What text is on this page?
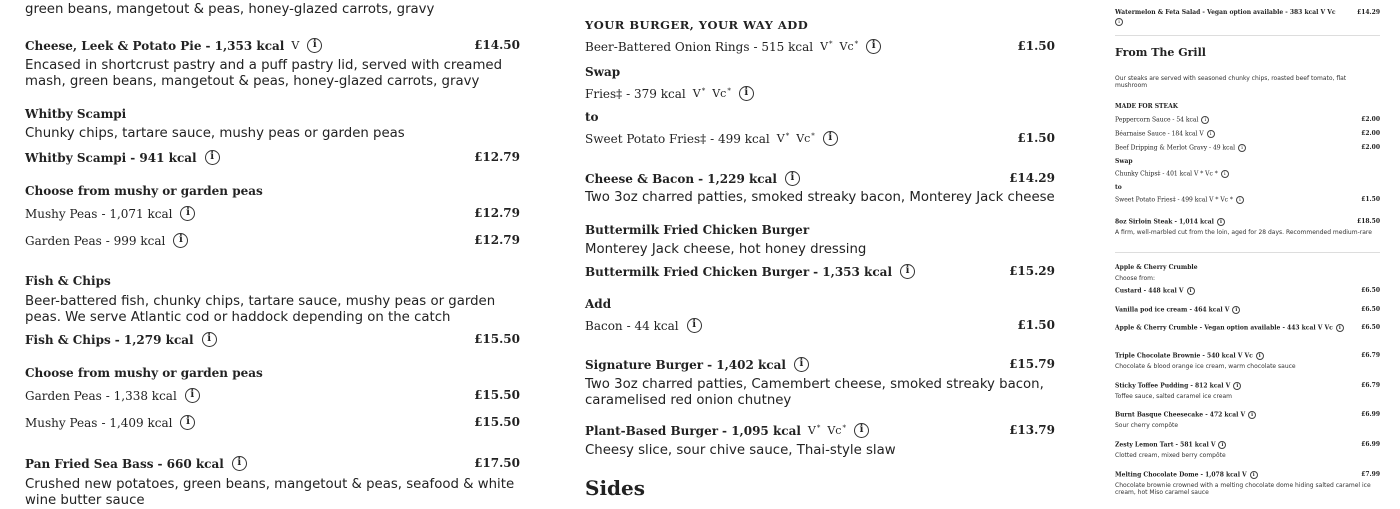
green beans, mangetout & peas, honey-glazed carrots, gravy
Cheese, Leek & Potato Pie - 1,353 kcal V	i	£14.50
Encased in shortcrust pastry and a puff pastry lid, served with creamed mash, green beans, mangetout & peas, honey-glazed carrots, gravy
Whitby Scampi
Chunky chips, tartare sauce, mushy peas or garden peas
Whitby Scampi - 941 kcal	i	£12.79
Choose from mushy or garden peas
Mushy Peas - 1,071 kcal	i	£12.79
Garden Peas - 999 kcal	i	£12.79
Fish & Chips
Beer-battered fish, chunky chips, tartare sauce, mushy peas or garden peas. We serve Atlantic cod or haddock depending on the catch
Fish & Chips - 1,279 kcal	i	£15.50
Choose from mushy or garden peas
Garden Peas - 1,338 kcal	i	£15.50
Mushy Peas - 1,409 kcal	i	£15.50
Pan Fried Sea Bass - 660 kcal	i	£17.50
Crushed new potatoes, green beans, mangetout & peas, seafood & white wine butter sauce
YOUR BURGER, YOUR WAY ADD
Beer-Battered Onion Rings - 515 kcal V* Vc*	i	£1.50
Swap
Fries‡ - 379 kcal V* Vc*	i
to
Sweet Potato Fries‡ - 499 kcal V* Vc*	i	£1.50
Cheese & Bacon - 1,229 kcal	i	£14.29
Two 3oz charred patties, smoked streaky bacon, Monterey Jack cheese
Buttermilk Fried Chicken Burger
Monterey Jack cheese, hot honey dressing
Buttermilk Fried Chicken Burger - 1,353 kcal	i	£15.29
Add
Bacon - 44 kcal	i	£1.50
Signature Burger - 1,402 kcal	i	£15.79
Two 3oz charred patties, Camembert cheese, smoked streaky bacon, caramelised red onion chutney
Plant-Based Burger - 1,095 kcal V* Vc*	i	£13.79
Cheesy slice, sour chive sauce, Thai-style slaw
Sides
Watermelon & Feta Salad - Vegan option available - 383 kcal V Vc	£14.29
i
From The Grill
Our steaks are served with seasoned chunky chips, roasted beef tomato, flat mushroom
MADE FOR STEAK
Peppercorn Sauce - 54 kcal i	£2.00
Béarnaise Sauce - 184 kcal V i	£2.00
Beef Dripping & Merlot Gravy - 49 kcal i	£2.00
Swap
Chunky Chips‡ - 401 kcal V * Vc * i
to
Sweet Potato Fries‡ - 499 kcal V * Vc * i	£1.50
8oz Sirloin Steak - 1,014 kcal i	£18.50
A firm, well-marbled cut from the loin, aged for 28 days. Recommended medium-rare
Apple & Cherry Crumble
Choose from:
Custard - 448 kcal V i	£6.50
Vanilla pod ice cream - 464 kcal V i	£6.50
Apple & Cherry Crumble - Vegan option available - 443 kcal V Vc i	£6.50
Triple Chocolate Brownie - 540 kcal V Vc i	£6.79
Chocolate & blood orange ice cream, warm chocolate sauce
Sticky Toffee Pudding - 812 kcal V i	£6.79
Toffee sauce, salted caramel ice cream
Burnt Basque Cheesecake - 472 kcal V i	£6.99
Sour cherry compôte
Zesty Lemon Tart - 581 kcal V i	£6.99
Clotted cream, mixed berry compôte
Melting Chocolate Dome - 1,078 kcal V i	£7.99
Chocolate brownie crowned with a melting chocolate dome hiding salted caramel ice cream, hot Miso caramel sauce
